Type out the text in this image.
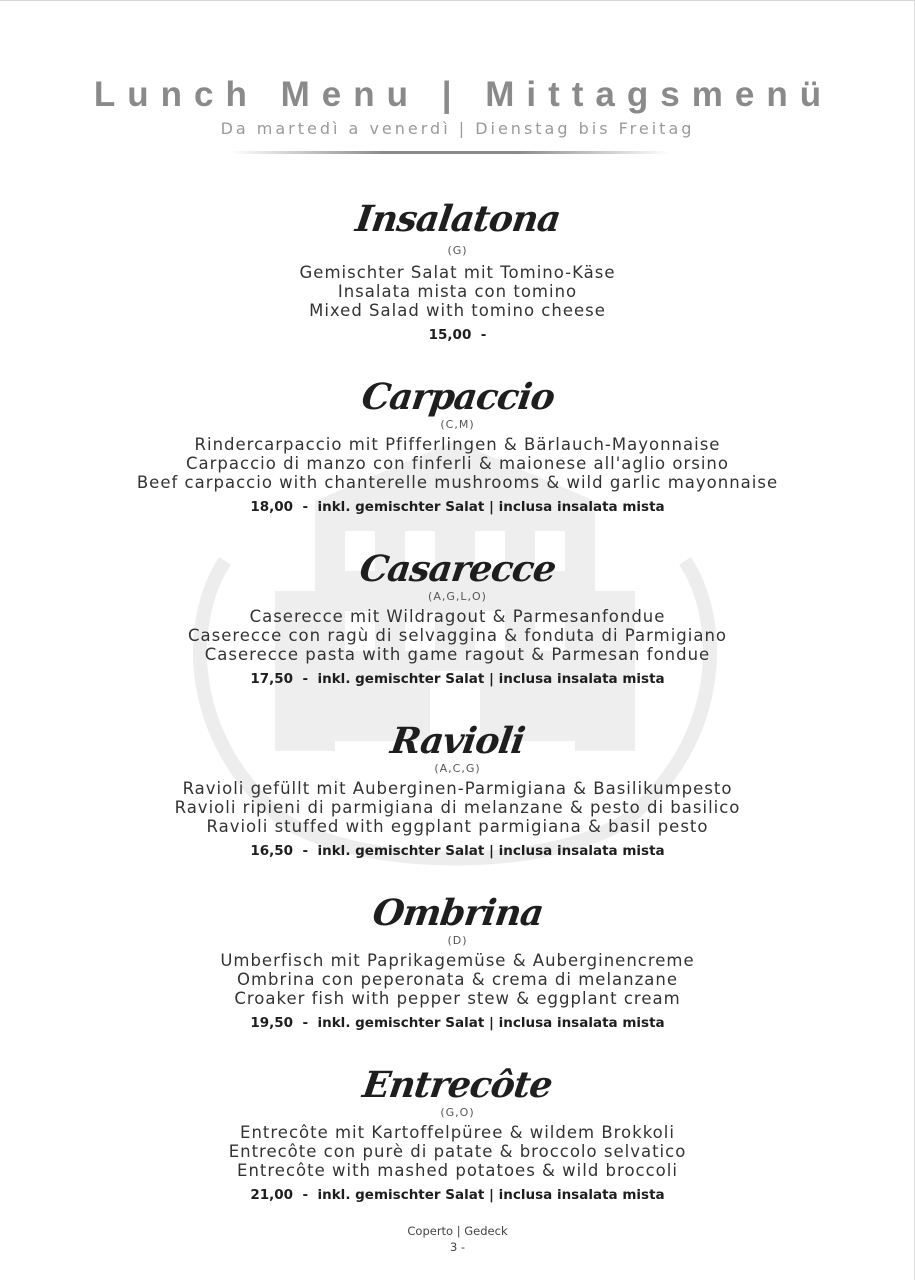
Lunch Menu | Mittagsmenü
Da martedì a venerdì | Dienstag bis Freitag
Insalatona
(G)
Gemischter Salat mit Tomino-Käse
Insalata mista con tomino
Mixed Salad with tomino cheese
15,00  -
Carpaccio
(C,M)
Rindercarpaccio mit Pfifferlingen & Bärlauch-Mayonnaise
Carpaccio di manzo con finferli & maionese all'aglio orsino
Beef carpaccio with chanterelle mushrooms & wild garlic mayonnaise
18,00  -  inkl. gemischter Salat | inclusa insalata mista
Casarecce
(A,G,L,O)
Caserecce mit Wildragout & Parmesanfondue
Caserecce con ragù di selvaggina & fonduta di Parmigiano
Caserecce pasta with game ragout & Parmesan fondue
17,50  -  inkl. gemischter Salat | inclusa insalata mista
Ravioli
(A,C,G)
Ravioli gefüllt mit Auberginen-Parmigiana & Basilikumpesto
Ravioli ripieni di parmigiana di melanzane & pesto di basilico
Ravioli stuffed with eggplant parmigiana & basil pesto
16,50  -  inkl. gemischter Salat | inclusa insalata mista
Ombrina
(D)
Umberfisch mit Paprikagemüse & Auberginencreme
Ombrina con peperonata & crema di melanzane
Croaker fish with pepper stew & eggplant cream
19,50  -  inkl. gemischter Salat | inclusa insalata mista
Entrecôte
(G,O)
Entrecôte mit Kartoffelpüree & wildem Brokkoli
Entrecôte con purè di patate & broccolo selvatico
Entrecôte with mashed potatoes & wild broccoli
21,00  -  inkl. gemischter Salat | inclusa insalata mista
Coperto | Gedeck
3 -
